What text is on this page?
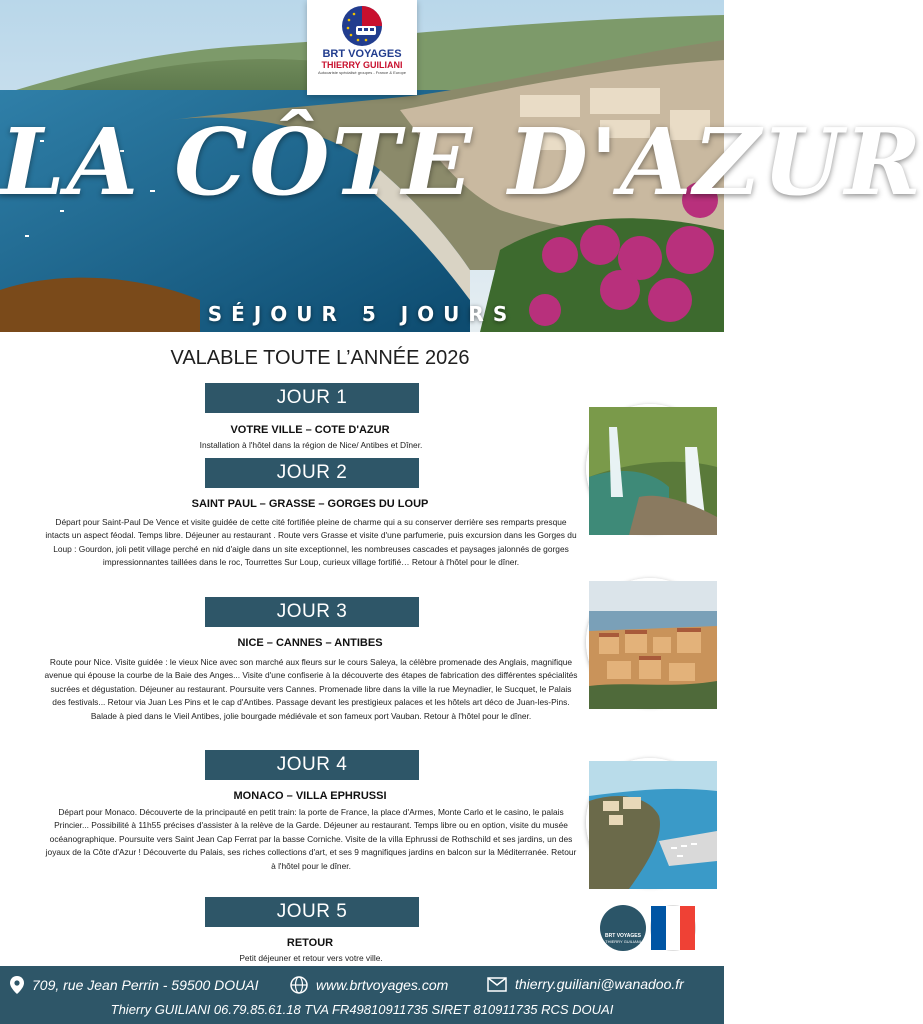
BRT VOYAGES
THIERRY GUILIANI
Autocariste spécialisé groupes - France & Europe
LA CÔTE D'AZUR
SÉJOUR 5 JOURS
VALABLE TOUTE L’ANNÉE 2026
JOUR 1
VOTRE VILLE – COTE D'AZUR
Installation à l'hôtel dans la région de Nice/ Antibes et Dîner.
JOUR 2
SAINT PAUL – GRASSE – GORGES DU LOUP
Départ pour Saint-Paul De Vence et visite guidée de cette cité fortifiée pleine de charme qui a su conserver derrière ses remparts presque intacts un aspect féodal. Temps libre. Déjeuner au restaurant . Route vers Grasse et visite d'une parfumerie, puis excursion dans les Gorges du Loup : Gourdon, joli petit village perché en nid d'aigle dans un site exceptionnel, les nombreuses cascades et paysages jalonnés de gorges impressionnantes taillées dans le roc, Tourrettes Sur Loup, curieux village fortifié… Retour à l'hôtel pour le dîner.
JOUR 3
NICE – CANNES – ANTIBES
Route pour Nice. Visite guidée : le vieux Nice avec son marché aux fleurs sur le cours Saleya, la célèbre promenade des Anglais, magnifique avenue qui épouse la courbe de la Baie des Anges... Visite d'une confiserie à la découverte des étapes de fabrication des différentes spécialités sucrées et dégustation. Déjeuner au restaurant. Poursuite vers Cannes. Promenade libre dans la ville la rue Meynadier, le Sucquet, le Palais des festivals... Retour via Juan Les Pins et le cap d'Antibes. Passage devant les prestigieux palaces et les hôtels art déco de Juan-les-Pins. Balade à pied dans le Vieil Antibes, jolie bourgade médiévale et son fameux port Vauban. Retour à l'hôtel pour le dîner.
JOUR 4
MONACO – VILLA EPHRUSSI
Départ pour Monaco. Découverte de la principauté en petit train: la porte de France, la place d'Armes, Monte Carlo et le casino, le palais Princier... Possibilité à 11h55 précises d'assister à la relève de la Garde. Déjeuner au restaurant. Temps libre ou en option, visite du musée océanographique. Poursuite vers Saint Jean Cap Ferrat par la basse Corniche. Visite de la villa Ephrussi de Rothschild et ses jardins, un des joyaux de la Côte d'Azur ! Découverte du Palais, ses riches collections d'art, et ses 9 magnifiques jardins en balcon sur la Méditerranée. Retour à l'hôtel pour le dîner.
JOUR 5
RETOUR
Petit déjeuner et retour vers votre ville.
BRT VOYAGES
THIERRY GUILIANI
709, rue Jean Perrin - 59500 DOUAI	www.brtvoyages.com	thierry.guiliani@wanadoo.fr
Thierry GUILIANI 06.79.85.61.18 TVA FR49810911735 SIRET 810911735 RCS DOUAI
